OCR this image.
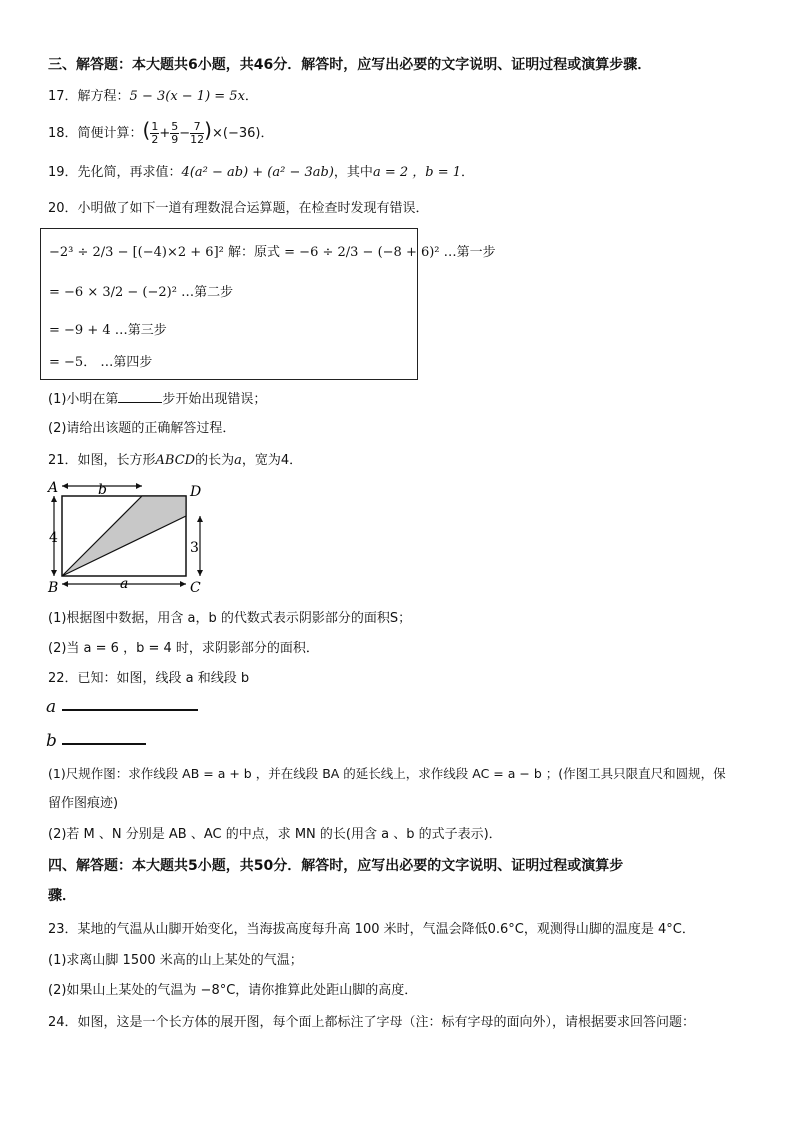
三、解答题：本大题共6小题，共46分．解答时，应写出必要的文字说明、证明过程或演算步骤．
17．解方程：5 − 3(x − 1) = 5x．
18．简便计算：( $\frac{1}{2} + \frac{5}{9} - \frac{7}{12} )\times(-36)$．
19．先化简，再求值：4(a² − ab) + (a² − 3ab)，其中a = 2 ，b = 1．
20．小明做了如下一道有理数混合运算题，在检查时发现有错误．
−2³ ÷ 2/3 − [(−4)×2 + 6]² 解：原式 = −6 ÷ 2/3 − (−8 + 6)² …第一步
= −6 × 3/2 − (−2)² …第二步
= −9 + 4 …第三步
= −5． …第四步
(1)小明在第	步开始出现错误；
(2)请给出该题的正确解答过程．
21．如图，长方形ABCD的长为a，宽为4．
A	D
B	C
b
a
4
3
(1)根据图中数据，用含 a，b 的代数式表示阴影部分的面积S；
(2)当 a = 6 ，b = 4 时，求阴影部分的面积．
22．已知：如图，线段 a 和线段 b
a
b
(1)尺规作图：求作线段 AB = a + b ，并在线段 BA 的延长线上，求作线段 AC = a − b ；(作图工具只限直尺和圆规，保
留作图痕迹)
(2)若 M 、N 分别是 AB 、AC 的中点，求 MN 的长(用含 a 、b 的式子表示)．
四、解答题：本大题共5小题，共50分．解答时，应写出必要的文字说明、证明过程或演算步
骤．
23．某地的气温从山脚开始变化，当海拔高度每升高 100 米时，气温会降低0.6°C，观测得山脚的温度是 4°C．
(1)求离山脚 1500 米高的山上某处的气温；
(2)如果山上某处的气温为 −8°C，请你推算此处距山脚的高度．
24．如图，这是一个长方体的展开图，每个面上都标注了字母（注：标有字母的面向外），请根据要求回答问题：
